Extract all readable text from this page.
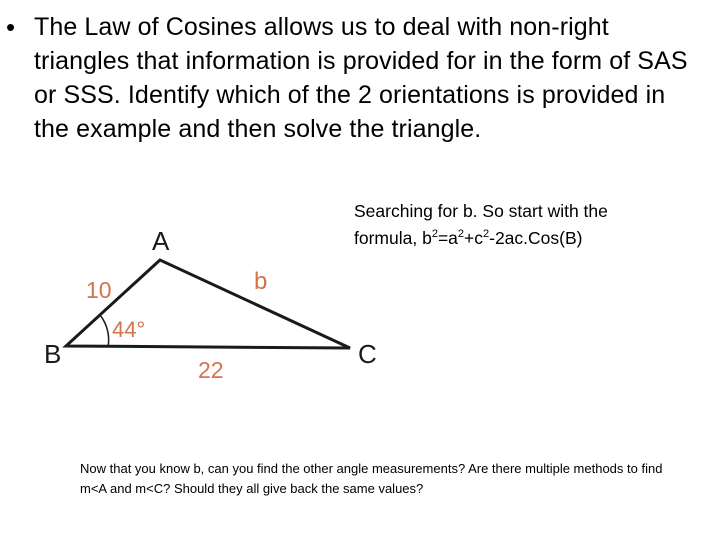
• The Law of Cosines allows us to deal with non-right triangles that information is provided for in the form of SAS or SSS. Identify which of the 2 orientations is provided in the example and then solve the triangle.
A
B	C
10	b
22
44°
Searching for b. So start with the
formula, $b^2=a^2+c^2-2ac.Cos(B)$
Now that you know b, can you find the other angle measurements? Are there multiple methods to find m<A and m<C? Should they all give back the same values?
